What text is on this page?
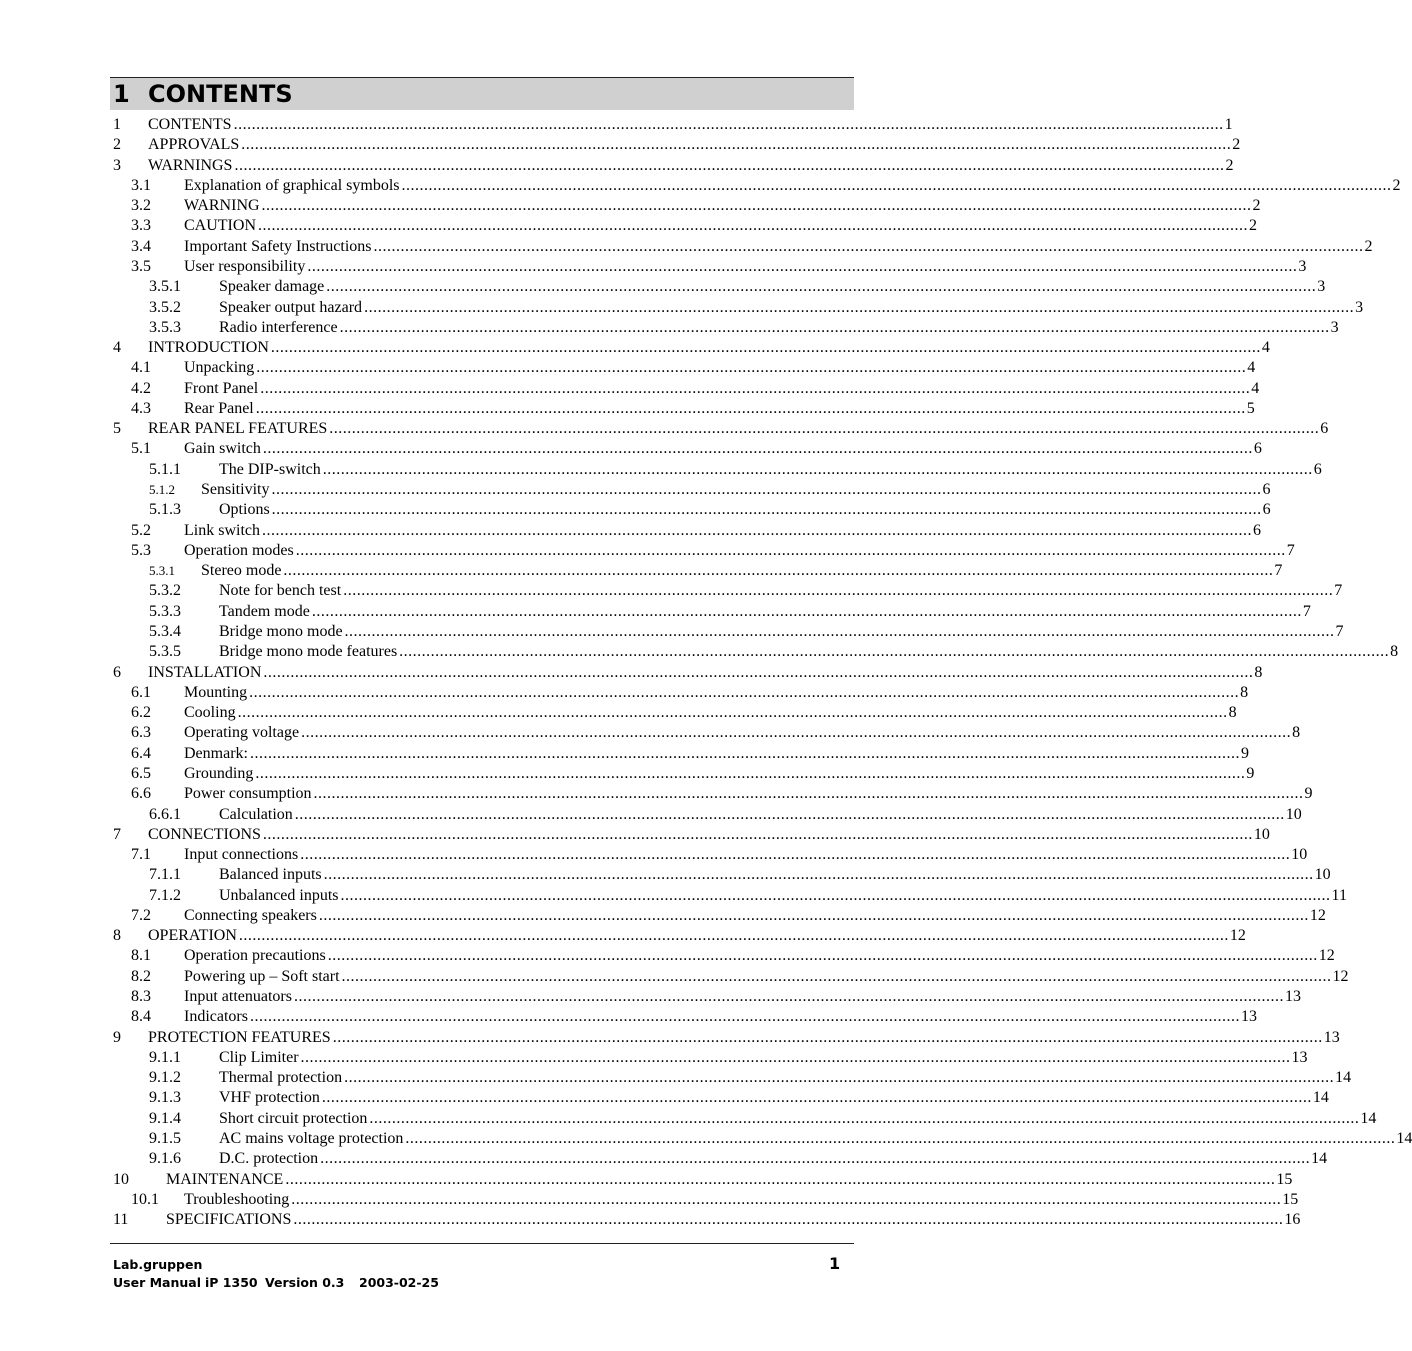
1 CONTENTS
1 CONTENTS ............................................................................................................................................................................................................................ 1
2 APPROVALS ............................................................................................................................................................................................................................ 2
3 WARNINGS ............................................................................................................................................................................................................................ 2
3.1 Explanation of graphical symbols ............................................................................................................................................................................................................................ 2
3.2 WARNING ............................................................................................................................................................................................................................ 2
3.3 CAUTION ............................................................................................................................................................................................................................ 2
3.4 Important Safety Instructions ............................................................................................................................................................................................................................ 2
3.5 User responsibility ............................................................................................................................................................................................................................ 3
3.5.1 Speaker damage ............................................................................................................................................................................................................................ 3
3.5.2 Speaker output hazard ............................................................................................................................................................................................................................ 3
3.5.3 Radio interference ............................................................................................................................................................................................................................ 3
4 INTRODUCTION ............................................................................................................................................................................................................................ 4
4.1 Unpacking ............................................................................................................................................................................................................................ 4
4.2 Front Panel ............................................................................................................................................................................................................................ 4
4.3 Rear Panel ............................................................................................................................................................................................................................ 5
5 REAR PANEL FEATURES ............................................................................................................................................................................................................................ 6
5.1 Gain switch ............................................................................................................................................................................................................................ 6
5.1.1 The DIP-switch ............................................................................................................................................................................................................................ 6
5.1.2 Sensitivity ............................................................................................................................................................................................................................ 6
5.1.3 Options ............................................................................................................................................................................................................................ 6
5.2 Link switch ............................................................................................................................................................................................................................ 6
5.3 Operation modes ............................................................................................................................................................................................................................ 7
5.3.1 Stereo mode ............................................................................................................................................................................................................................ 7
5.3.2 Note for bench test ............................................................................................................................................................................................................................ 7
5.3.3 Tandem mode ............................................................................................................................................................................................................................ 7
5.3.4 Bridge mono mode ............................................................................................................................................................................................................................ 7
5.3.5 Bridge mono mode features ............................................................................................................................................................................................................................ 8
6 INSTALLATION ............................................................................................................................................................................................................................ 8
6.1 Mounting ............................................................................................................................................................................................................................ 8
6.2 Cooling ............................................................................................................................................................................................................................ 8
6.3 Operating voltage ............................................................................................................................................................................................................................ 8
6.4 Denmark: ............................................................................................................................................................................................................................ 9
6.5 Grounding ............................................................................................................................................................................................................................ 9
6.6 Power consumption ............................................................................................................................................................................................................................ 9
6.6.1 Calculation ............................................................................................................................................................................................................................ 10
7 CONNECTIONS ............................................................................................................................................................................................................................ 10
7.1 Input connections ............................................................................................................................................................................................................................ 10
7.1.1 Balanced inputs ............................................................................................................................................................................................................................ 10
7.1.2 Unbalanced inputs ............................................................................................................................................................................................................................ 11
7.2 Connecting speakers ............................................................................................................................................................................................................................ 12
8 OPERATION ............................................................................................................................................................................................................................ 12
8.1 Operation precautions ............................................................................................................................................................................................................................ 12
8.2 Powering up – Soft start ............................................................................................................................................................................................................................ 12
8.3 Input attenuators ............................................................................................................................................................................................................................ 13
8.4 Indicators ............................................................................................................................................................................................................................ 13
9 PROTECTION FEATURES ............................................................................................................................................................................................................................ 13
9.1.1 Clip Limiter ............................................................................................................................................................................................................................ 13
9.1.2 Thermal protection ............................................................................................................................................................................................................................ 14
9.1.3 VHF protection ............................................................................................................................................................................................................................ 14
9.1.4 Short circuit protection ............................................................................................................................................................................................................................ 14
9.1.5 AC mains voltage protection ............................................................................................................................................................................................................................ 14
9.1.6 D.C. protection ............................................................................................................................................................................................................................ 14
10 MAINTENANCE ............................................................................................................................................................................................................................ 15
10.1 Troubleshooting ............................................................................................................................................................................................................................ 15
11 SPECIFICATIONS ............................................................................................................................................................................................................................ 16
Lab.gruppen
User Manual iP 1350 Version 0.3 2003-02-25
1
